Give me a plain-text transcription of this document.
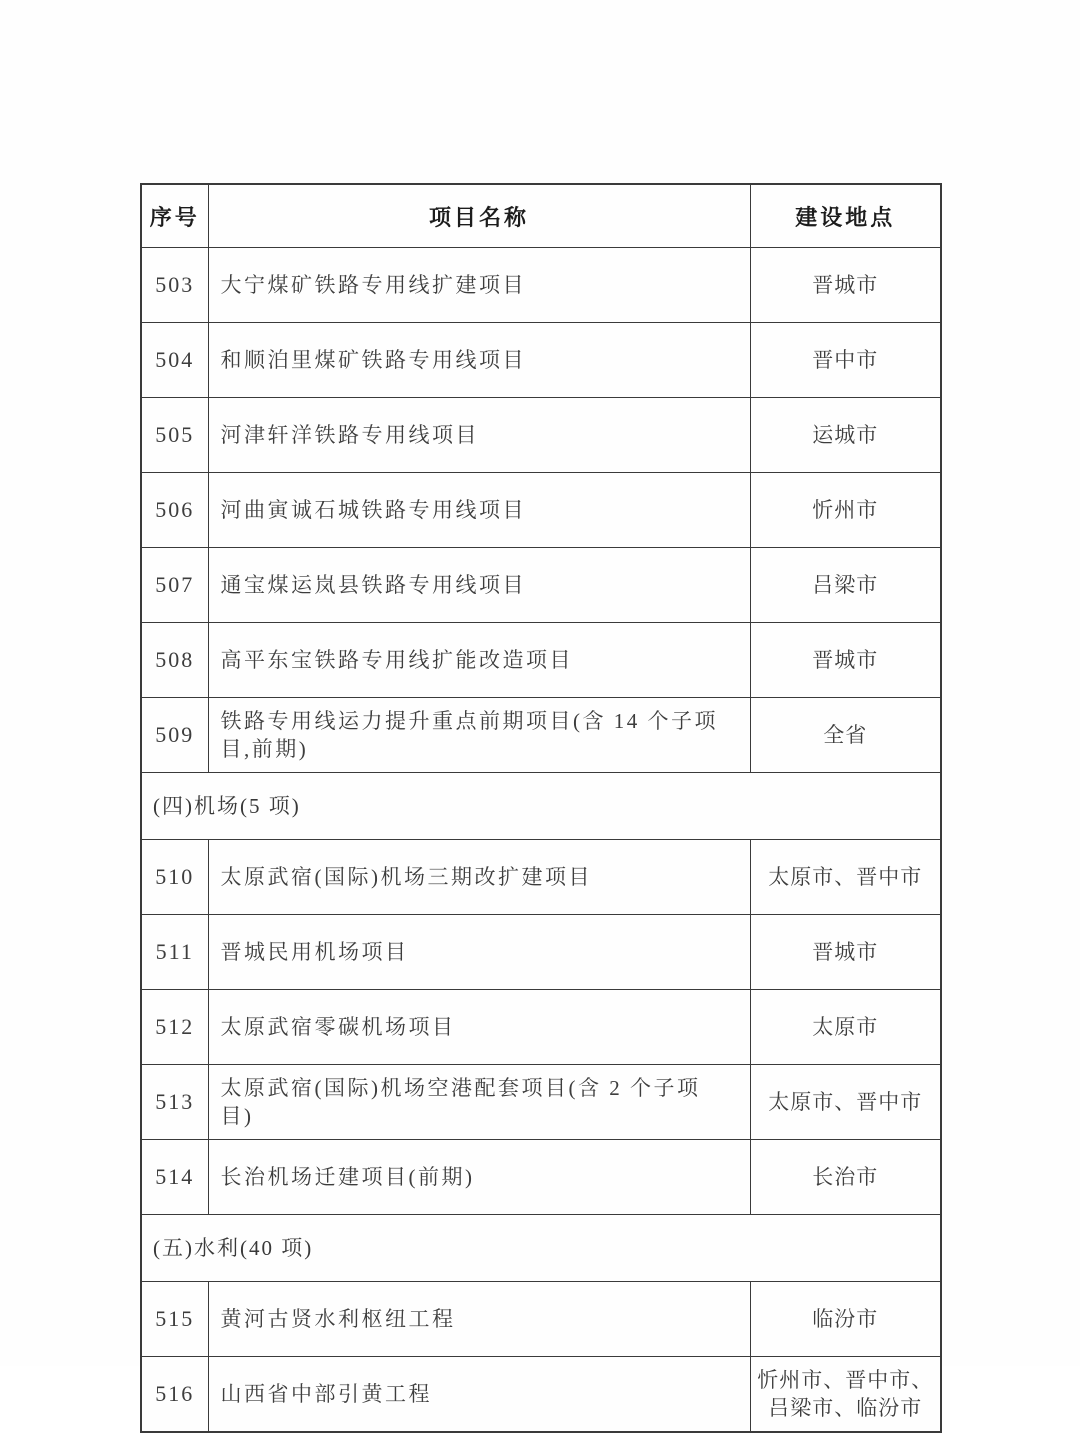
序号	项目名称	建设地点
503	大宁煤矿铁路专用线扩建项目	晋城市
504	和顺泊里煤矿铁路专用线项目	晋中市
505	河津轩洋铁路专用线项目	运城市
506	河曲寅诚石城铁路专用线项目	忻州市
507	通宝煤运岚县铁路专用线项目	吕梁市
508	高平东宝铁路专用线扩能改造项目	晋城市
509	铁路专用线运力提升重点前期项目(含 14 个子项目,前期)	全省
(四)机场(5 项)		
510	太原武宿(国际)机场三期改扩建项目	太原市、晋中市
511	晋城民用机场项目	晋城市
512	太原武宿零碳机场项目	太原市
513	太原武宿(国际)机场空港配套项目(含 2 个子项目)	太原市、晋中市
514	长治机场迁建项目(前期)	长治市
(五)水利(40 项)		
515	黄河古贤水利枢纽工程	临汾市
516	山西省中部引黄工程	忻州市、晋中市、吕梁市、临汾市
